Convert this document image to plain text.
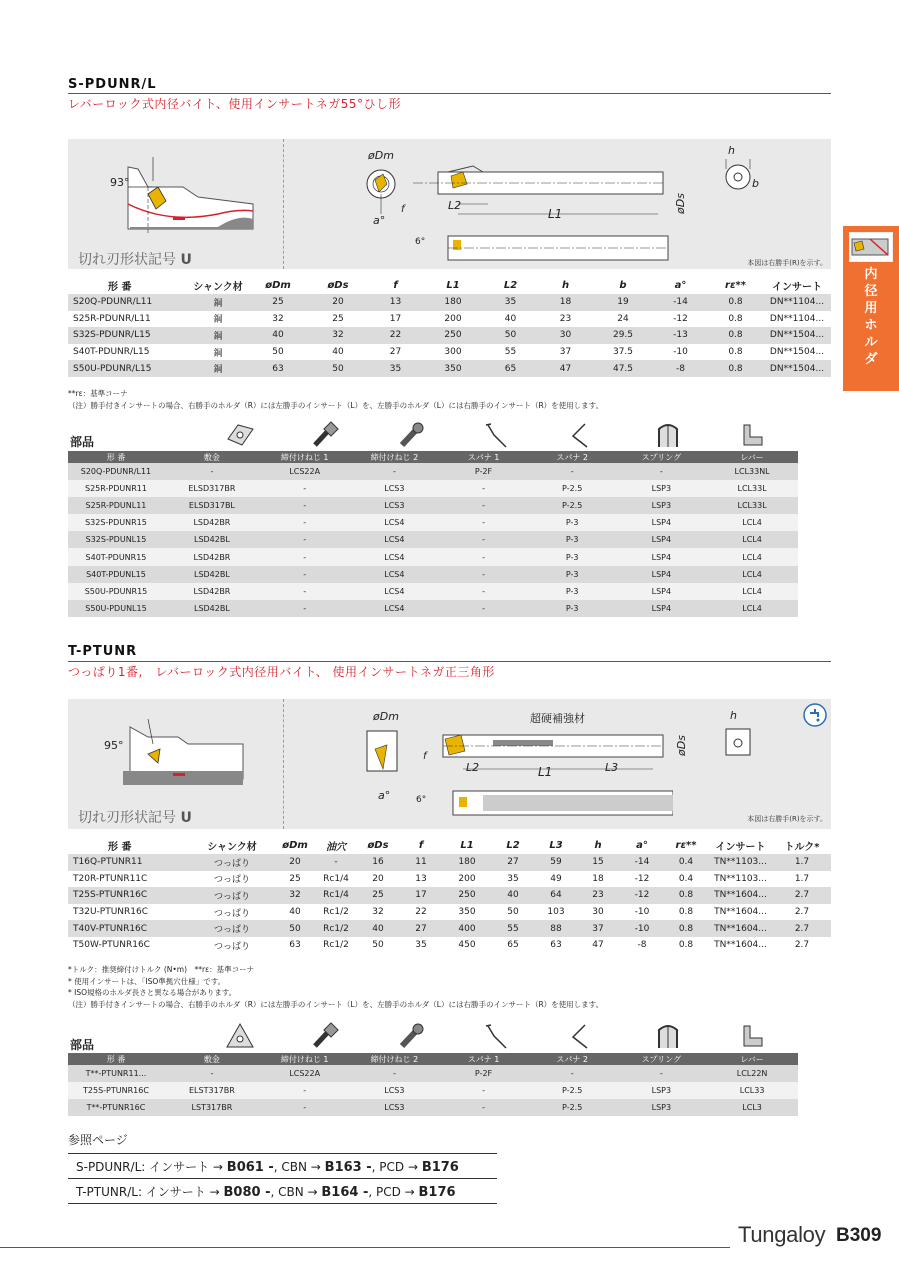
S-PDUNR/L
レバーロック式内径バイト、使用インサートネガ55°ひし形
93°
øDm
L2
L1
f
a°
6°
øDs
h
b
切れ刃形状記号 U	本図は右勝手(R)を示す。
形 番	シャンク材	øDm	øDs	f	L1	L2	h	b	a°	rε**	インサート
S20Q-PDUNR/L11	鋼	25	20	13	180	35	18	19	-14	0.8	DN**1104...
S25R-PDUNR/L11	鋼	32	25	17	200	40	23	24	-12	0.8	DN**1104...
S32S-PDUNR/L15	鋼	40	32	22	250	50	30	29.5	-13	0.8	DN**1504...
S40T-PDUNR/L15	鋼	50	40	27	300	55	37	37.5	-10	0.8	DN**1504...
S50U-PDUNR/L15	鋼	63	50	35	350	65	47	47.5	-8	0.8	DN**1504...
**rε：基準コーナ
（注）勝手付きインサートの場合、右勝手のホルダ（R）には左勝手のインサート（L）を、左勝手のホルダ（L）には右勝手のインサート（R）を使用します。
部品
形 番	敷金	締付けねじ 1	締付けねじ 2	スパナ 1	スパナ 2	スプリング	レバー
S20Q-PDUNR/L11	-	LCS22A	-	P-2F	-	-	LCL33NL
S25R-PDUNR11	ELSD317BR	-	LCS3	-	P-2.5	LSP3	LCL33L
S25R-PDUNL11	ELSD317BL	-	LCS3	-	P-2.5	LSP3	LCL33L
S32S-PDUNR15	LSD42BR	-	LCS4	-	P-3	LSP4	LCL4
S32S-PDUNL15	LSD42BL	-	LCS4	-	P-3	LSP4	LCL4
S40T-PDUNR15	LSD42BR	-	LCS4	-	P-3	LSP4	LCL4
S40T-PDUNL15	LSD42BL	-	LCS4	-	P-3	LSP4	LCL4
S50U-PDUNR15	LSD42BR	-	LCS4	-	P-3	LSP4	LCL4
S50U-PDUNL15	LSD42BL	-	LCS4	-	P-3	LSP4	LCL4
T-PTUNR
つっぱり1番,　レバーロック式内径用バイト、 使用インサートネガ正三角形
95°
øDm	超硬補強材
L2	L1	L3
f
a°	6°
øDs
h
切れ刃形状記号 U	本図は右勝手(R)を示す。
形 番	シャンク材	øDm	油穴	øDs	f	L1	L2	L3	h	a°	rε**	インサート	トルク*
T16Q-PTUNR11	つっぱり	20	-	16	11	180	27	59	15	-14	0.4	TN**1103...	1.7
T20R-PTUNR11C	つっぱり	25	Rc1/4	20	13	200	35	49	18	-12	0.4	TN**1103...	1.7
T25S-PTUNR16C	つっぱり	32	Rc1/4	25	17	250	40	64	23	-12	0.8	TN**1604...	2.7
T32U-PTUNR16C	つっぱり	40	Rc1/2	32	22	350	50	103	30	-10	0.8	TN**1604...	2.7
T40V-PTUNR16C	つっぱり	50	Rc1/2	40	27	400	55	88	37	-10	0.8	TN**1604...	2.7
T50W-PTUNR16C	つっぱり	63	Rc1/2	50	35	450	65	63	47	-8	0.8	TN**1604...	2.7
*トルク：推奨締付けトルク (N•m)　**rε：基準コーナ
* 使用インサートは、「ISO準拠穴仕様」です。
* ISO規格のホルダ長さと異なる場合があります。
（注）勝手付きインサートの場合、右勝手のホルダ（R）には左勝手のインサート（L）を、左勝手のホルダ（L）には右勝手のインサート（R）を使用します。
部品
形 番	敷金	締付けねじ 1	締付けねじ 2	スパナ 1	スパナ 2	スプリング	レバー
T**-PTUNR11...	-	LCS22A	-	P-2F	-	-	LCL22N
T25S-PTUNR16C	ELST317BR	-	LCS3	-	P-2.5	LSP3	LCL33
T**-PTUNR16C	LST317BR	-	LCS3	-	P-2.5	LSP3	LCL3
参照ページ
S-PDUNR/L: インサート → B061 -, CBN → B163 -, PCD → B176
T-PTUNR/L: インサート → B080 -, CBN → B164 -, PCD → B176
内径用ホルダ
Tungaloy B309
